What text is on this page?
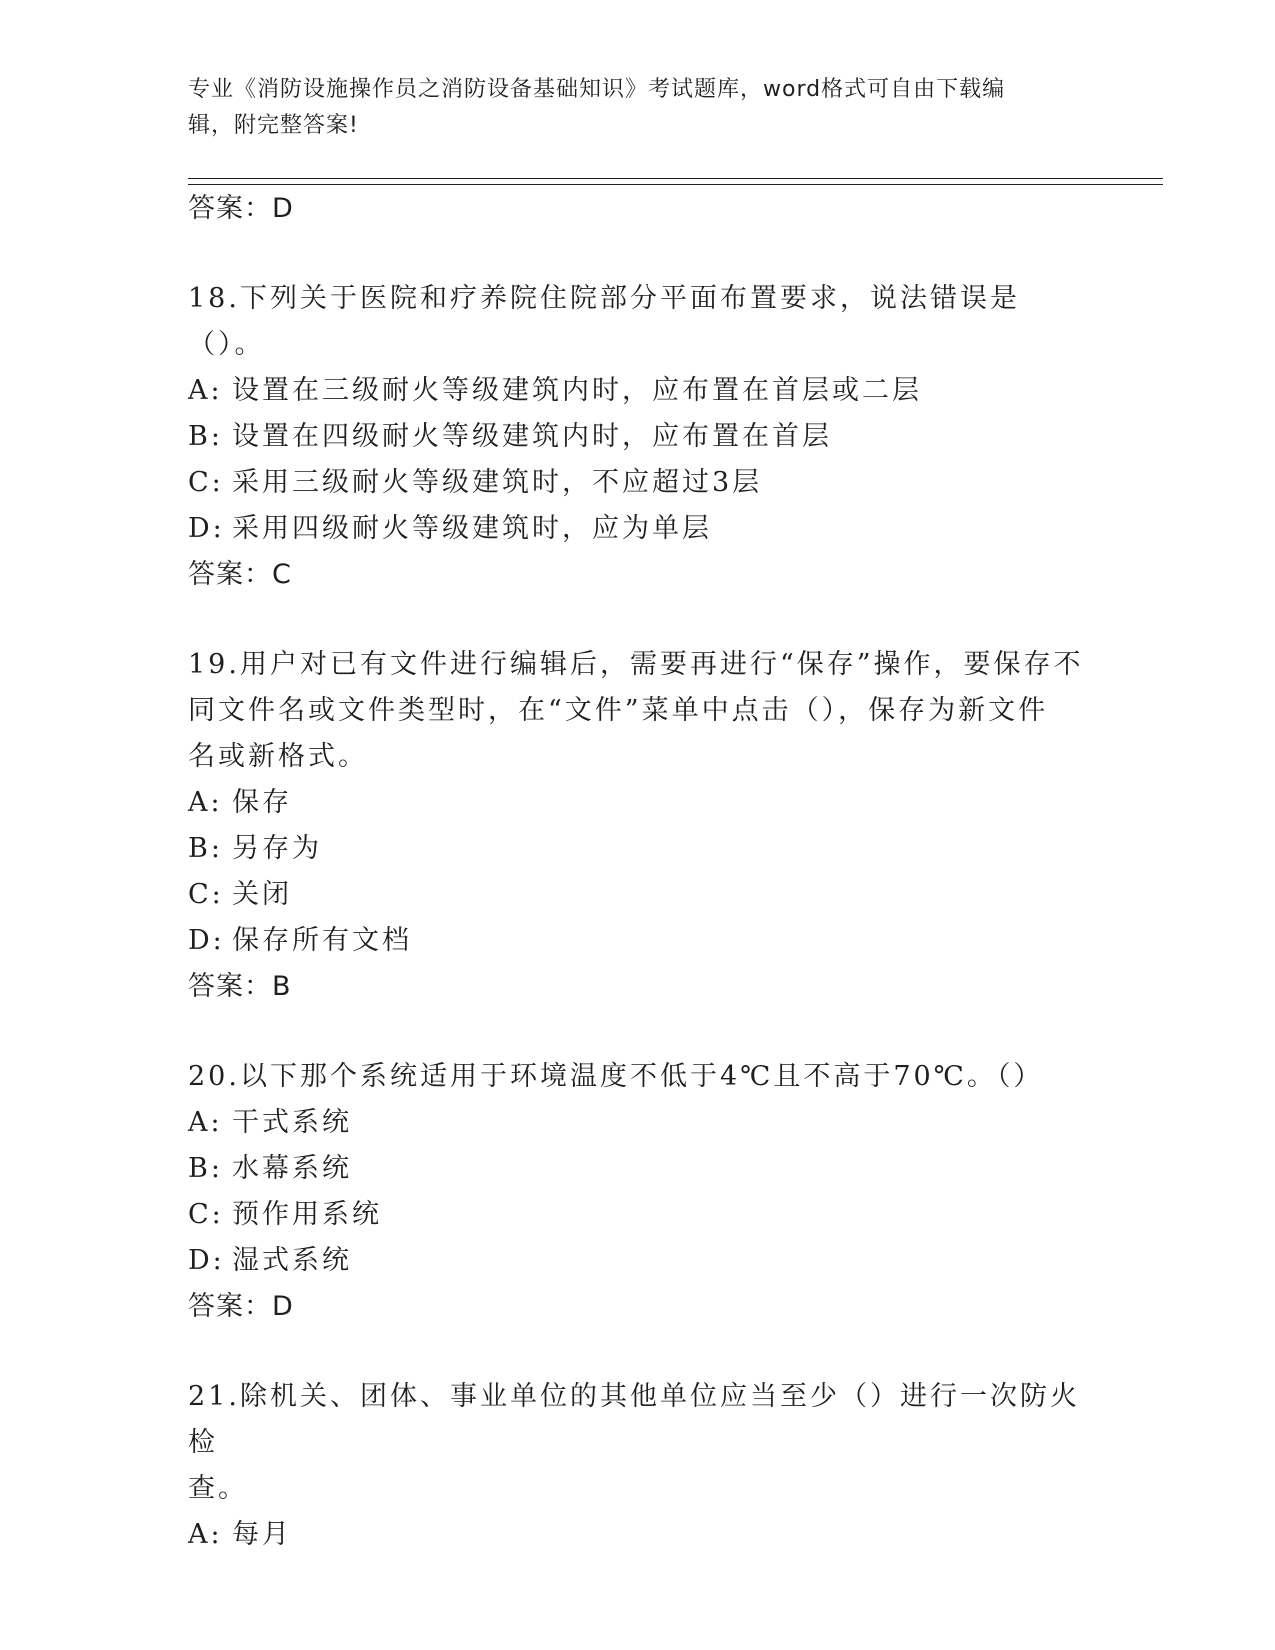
专业《消防设施操作员之消防设备基础知识》考试题库，word格式可自由下载编
辑，附完整答案!
答案：D
18.下列关于医院和疗养院住院部分平面布置要求，说法错误是（）。
A: 设置在三级耐火等级建筑内时，应布置在首层或二层
B: 设置在四级耐火等级建筑内时，应布置在首层
C: 采用三级耐火等级建筑时，不应超过3层
D: 采用四级耐火等级建筑时，应为单层
答案：C
19.用户对已有文件进行编辑后，需要再进行“保存”操作，要保存不
同文件名或文件类型时，在“文件”菜单中点击（），保存为新文件
名或新格式。
A: 保存
B: 另存为
C: 关闭
D: 保存所有文档
答案：B
20.以下那个系统适用于环境温度不低于4℃且不高于70℃。（）
A: 干式系统
B: 水幕系统
C: 预作用系统
D: 湿式系统
答案：D
21.除机关、团体、事业单位的其他单位应当至少（）进行一次防火检
查。
A: 每月
